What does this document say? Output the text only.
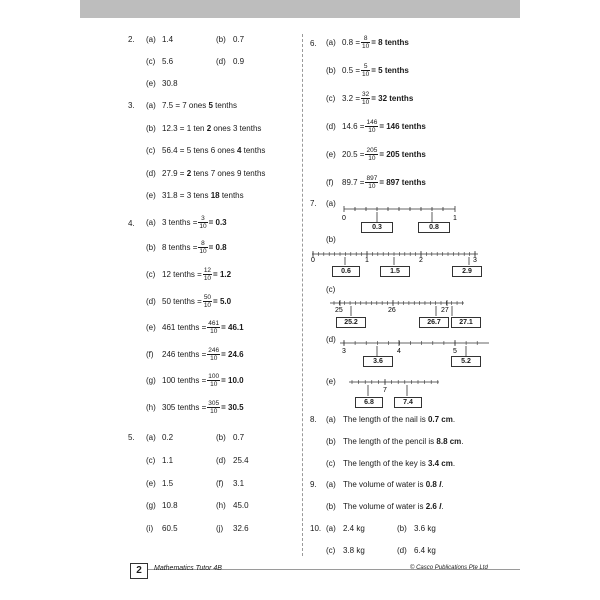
2. (a) 1.4	(b) 0.7
(c) 5.6	(d) 0.9
(e) 30.8
3. (a) 7.5 = 7 ones 5 tenths
(b) 12.3 = 1 ten 2 ones 3 tenths
(c) 56.4 = 5 tens 6 ones 4 tenths
(d) 27.9 = 2 tens 7 ones 9 tenths
(e) 31.8 = 3 tens 18 tenths
4. (a) 3 tenths = $\frac{3}{10} = 0.3$
(b) 8 tenths = $\frac{8}{10} = 0.8$
(c) 12 tenths = $\frac{12}{10} = 1.2$
(d) 50 tenths = $\frac{50}{10} = 5.0$
(e) 461 tenths = $\frac{461}{10} = 46.1$
(f)	246 tenths = $\frac{246}{10} = 24.6$
(g) 100 tenths = $\frac{100}{10} = 10.0$
(h) 305 tenths = $\frac{305}{10} = 30.5$
5. (a) 0.2	(b) 0.7
(c) 1.1	(d) 25.4
(e) 1.5	(f) 3.1
(g) 10.8	(h) 45.0
(i) 60.5	(j) 32.6
6. (a) $0.8 = \frac{8}{10} = 8$ tenths
(b) $0.5 = \frac{5}{10} = 5$ tenths
(c) $3.2 = \frac{32}{10} = 32$ tenths
(d) $14.6 = \frac{146}{10} = 146$ tenths
(e) $20.5 = \frac{205}{10} = 205$ tenths
(f)	$89.7 = \frac{897}{10} = 897$ tenths
7. (a)
(b)
(c)
(d)
(e)
0	1
0	1	2	3
25	26	27
3	4	5
7
0.3	0.8
0.6	1.5	2.9
25.2	26.7	27.1
3.6	5.2
6.8	7.4
8. (a) The length of the nail is 0.7 cm.
(b) The length of the pencil is 8.8 cm.
(c) The length of the key is 3.4 cm.
9. (a) The volume of water is 0.8 l.
(b) The volume of water is 2.6 l.
10. (a) 2.4 kg	(b) 3.6 kg
(c) 3.8 kg	(d) 6.4 kg
2	Mathematics Tutor 4B	© Casco Publications Pte Ltd
